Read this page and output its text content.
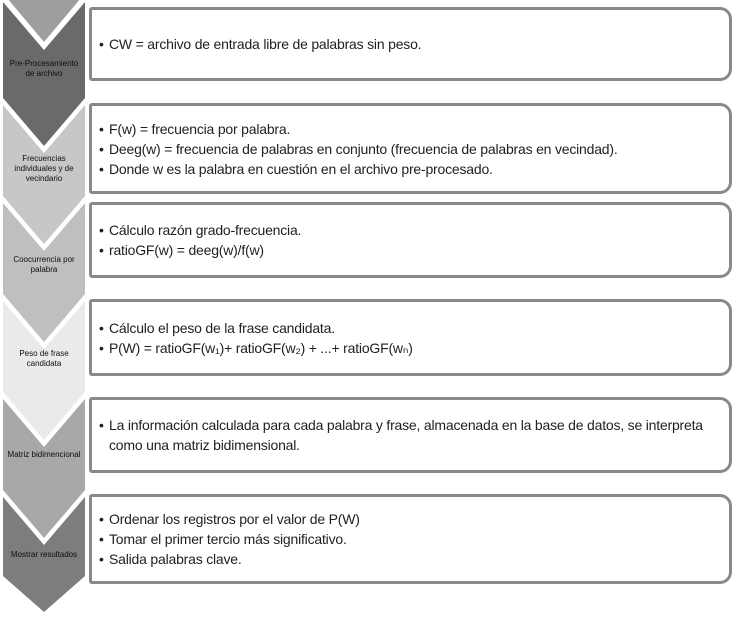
Pre-Procesamiento de archivo
Frecuencias individuales y de vecindario
Coocurrencia por palabra
Peso de frase candidata
Matriz bidimencional
Mostrar resultados
• CW = archivo de entrada libre de palabras sin peso.
• F(w) = frecuencia por palabra.
• Deeg(w) = frecuencia de palabras en conjunto (frecuencia de palabras en vecindad).
• Donde w es la palabra en cuestión en el archivo pre-procesado.
• Cálculo razón grado-frecuencia.
• ratioGF(w) = deeg(w)/f(w)
• Cálculo el peso de la frase candidata.
• P(W) = ratioGF(w₁)+ ratioGF(w₂) + ...+ ratioGF(wₙ)
• La información calculada para cada palabra y frase, almacenada en la base de datos, se interpreta como una matriz bidimensional.
• Ordenar los registros por el valor de P(W)
• Tomar el primer tercio más significativo.
• Salida palabras clave.
